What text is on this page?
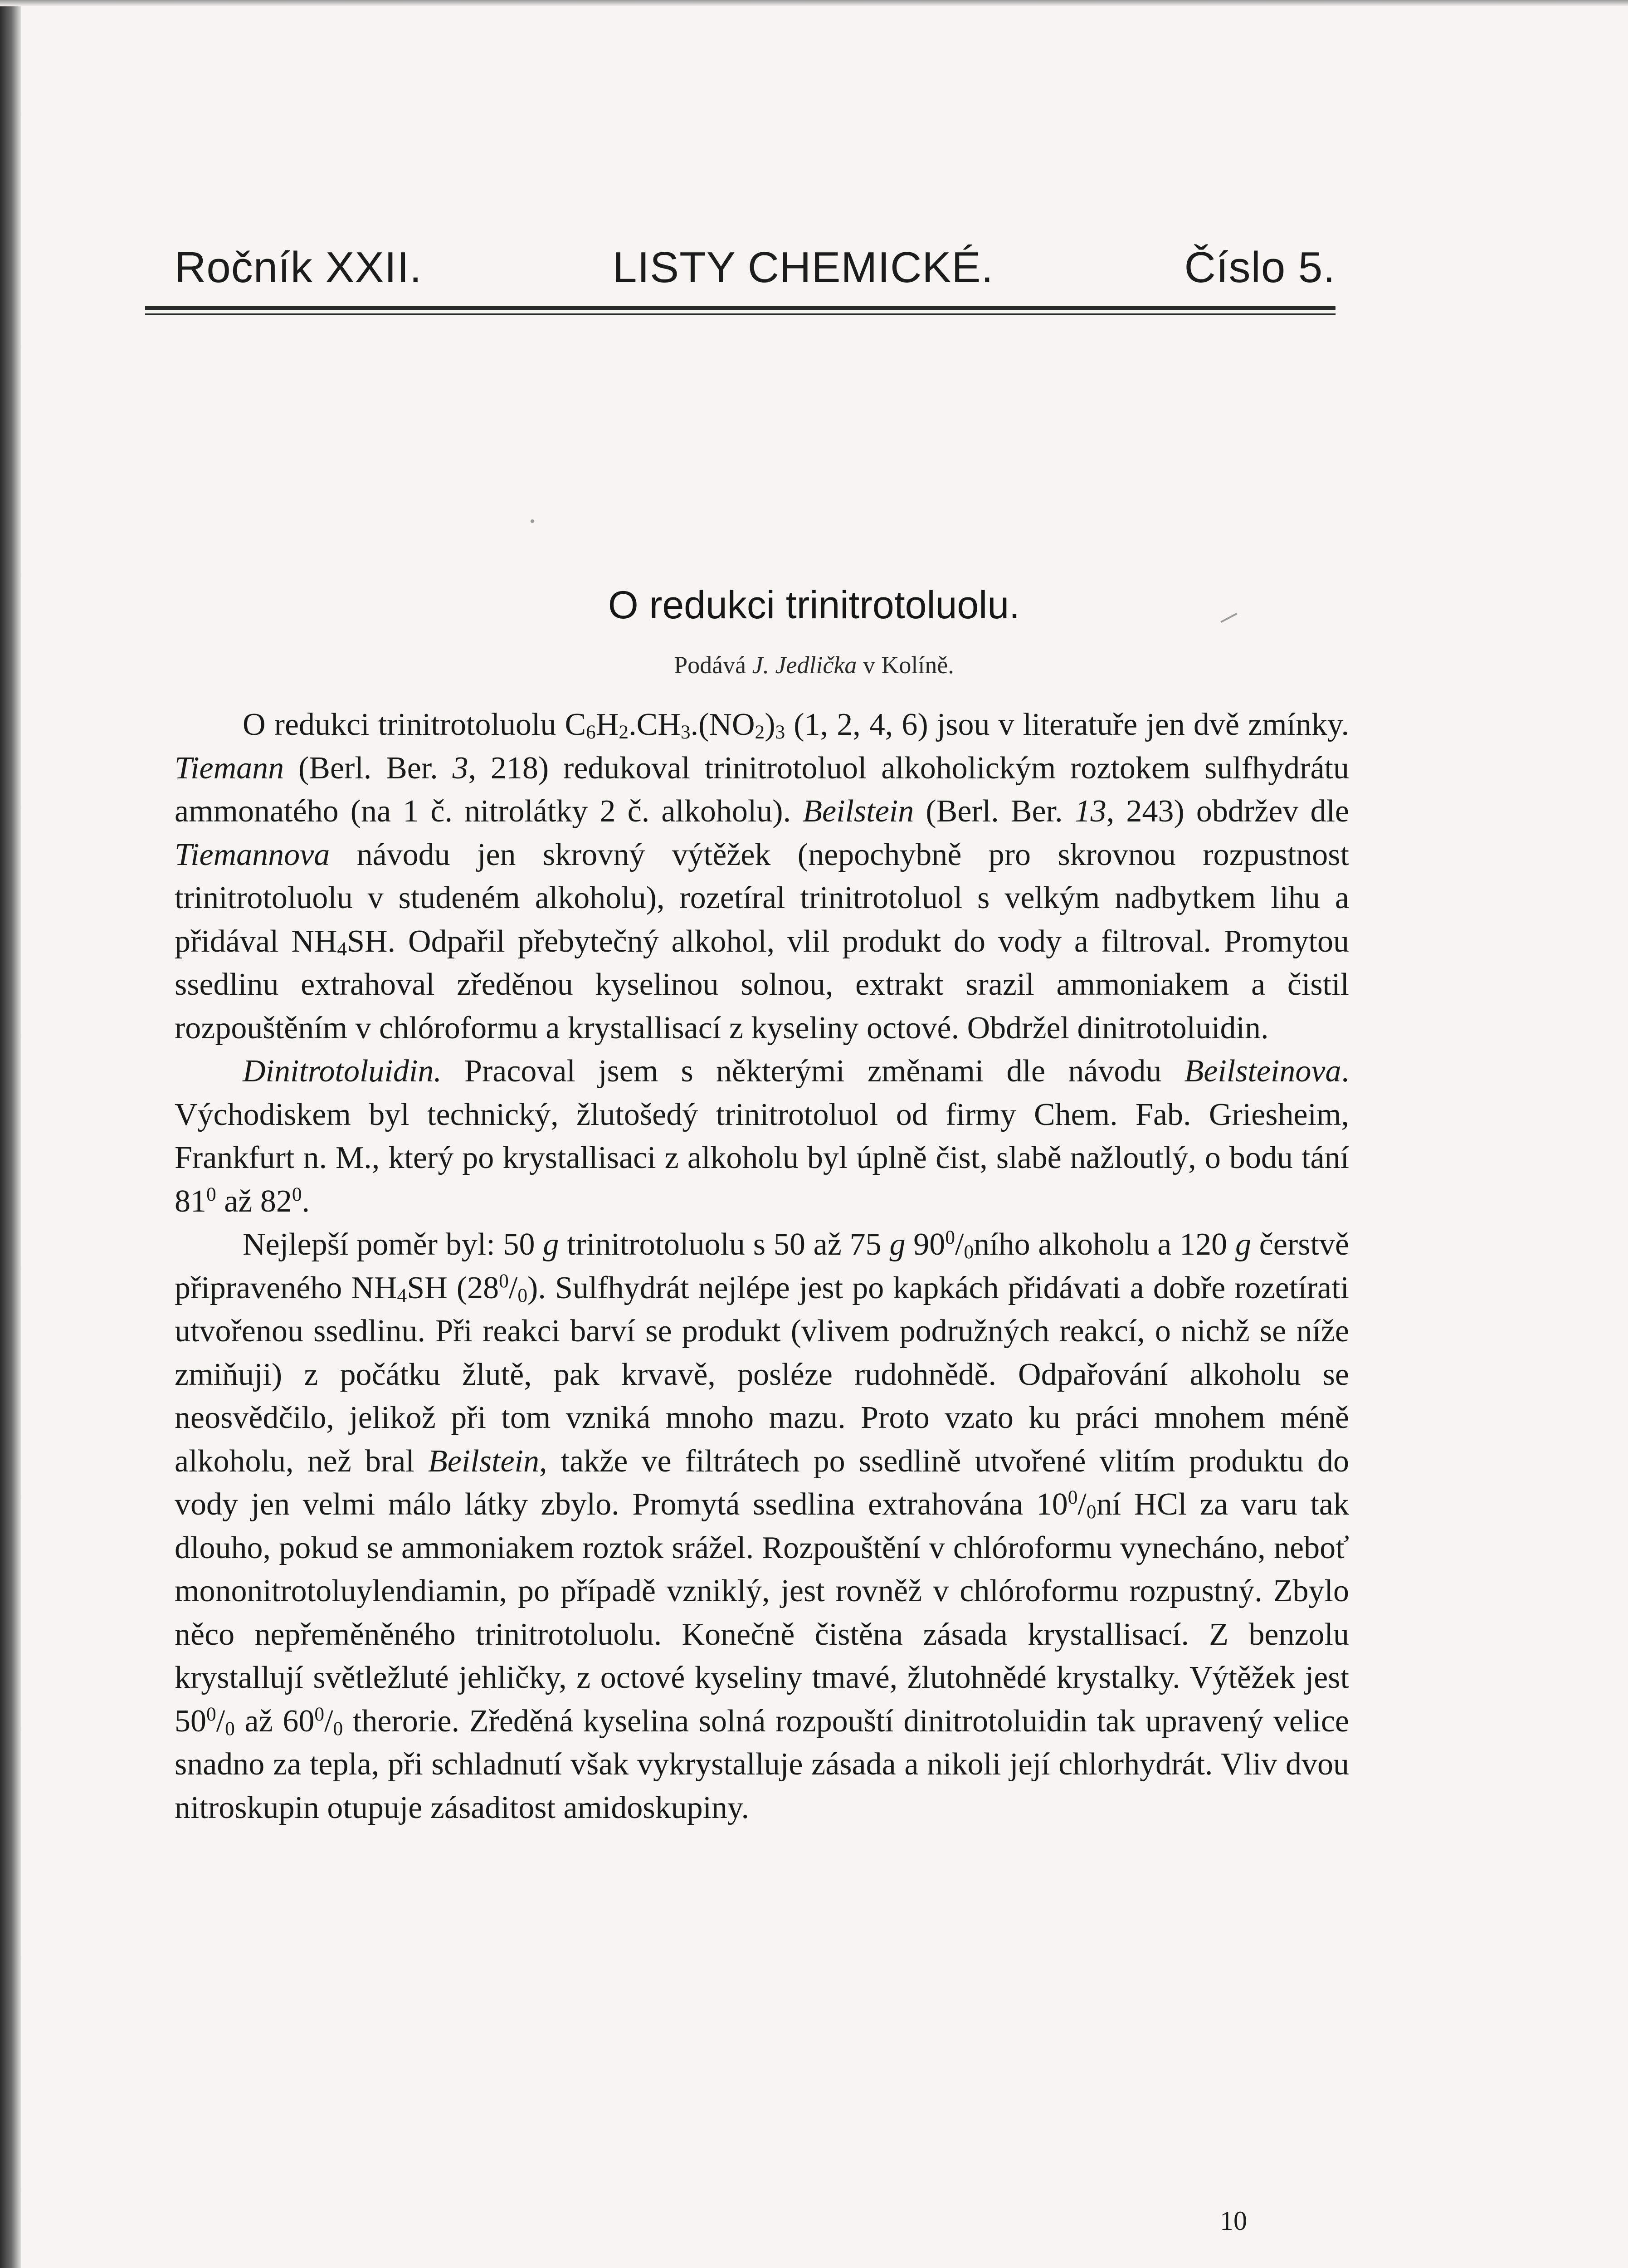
Ročník XXII.	LISTY CHEMICKÉ.	Číslo 5.
O redukci trinitrotoluolu.
Podává J. Jedlička v Kolíně.

O redukci trinitrotoluolu $C_6H_2.CH_3.(NO_2)_3$ (1, 2, 4, 6) jsou v literatuře jen dvě zmínky. Tiemann (Berl. Ber. 3, 218) redukoval trinitrotoluol alkoholickým roztokem sulfhydrátu ammonatého (na 1 č. nitrolátky 2 č. alkoholu). Beilstein (Berl. Ber. 13, 243) obdržev dle Tiemannova návodu jen skrovný výtěžek (nepochybně pro skrovnou rozpustnost trinitrotoluolu v studeném alkoholu), rozetíral trinitrotoluol s velkým nadbytkem lihu a přidával $NH_4SH$. Odpařil přebytečný alkohol, vlil produkt do vody a filtroval. Promytou ssedlinu extrahoval zředěnou kyselinou solnou, extrakt srazil ammoniakem a čistil rozpouštěním v chlóroformu a krystallisací z kyseliny octové. Obdržel dinitrotoluidin.

Dinitrotoluidin. Pracoval jsem s některými změnami dle návodu Beilsteinova. Východiskem byl technický, žlutošedý trinitrotoluol od firmy Chem. Fab. Griesheim, Frankfurt n. M., který po krystallisaci z alkoholu byl úplně čist, slabě nažloutlý, o bodu tání $81^0$ až $82^0$.

Nejlepší poměr byl: 50 g trinitrotoluolu s 50 až 75 g $90^0/_0ního$ alkoholu a 120 g čerstvě připraveného $NH_4SH$ $(28^0/_0)$. Sulfhydrát nejlépe jest po kapkách přidávati a dobře rozetírati utvořenou ssedlinu. Při reakci barví se produkt (vlivem podružných reakcí, o nichž se níže zmiňuji) z počátku žlutě, pak krvavě, posléze rudohnědě. Odpařování alkoholu se neosvědčilo, jelikož při tom vzniká mnoho mazu. Proto vzato ku práci mnohem méně alkoholu, než bral Beilstein, takže ve filtrátech po ssedlině utvořené vlitím produktu do vody jen velmi málo látky zbylo. Promytá ssedlina extrahována $10^0/_0ní$ HCl za varu tak dlouho, pokud se ammoniakem roztok srážel. Rozpouštění v chlóroformu vynecháno, neboť mononitrotoluylendiamin, po případě vzniklý, jest rovněž v chlóroformu rozpustný. Zbylo něco nepřeměněného trinitrotoluolu. Konečně čistěna zásada krystallisací. Z benzolu krystallují světležluté jehličky, z octové kyseliny tmavé, žlutohnědé krystalky. Výtěžek jest $50^0/_0$ až $60^0/_0$ therorie. Zředěná kyselina solná rozpouští dinitrotoluidin tak upravený velice snadno za tepla, při schladnutí však vykrystalluje zásada a nikoli její chlorhydrát. Vliv dvou nitroskupin otupuje zásaditost amidoskupiny.

10
